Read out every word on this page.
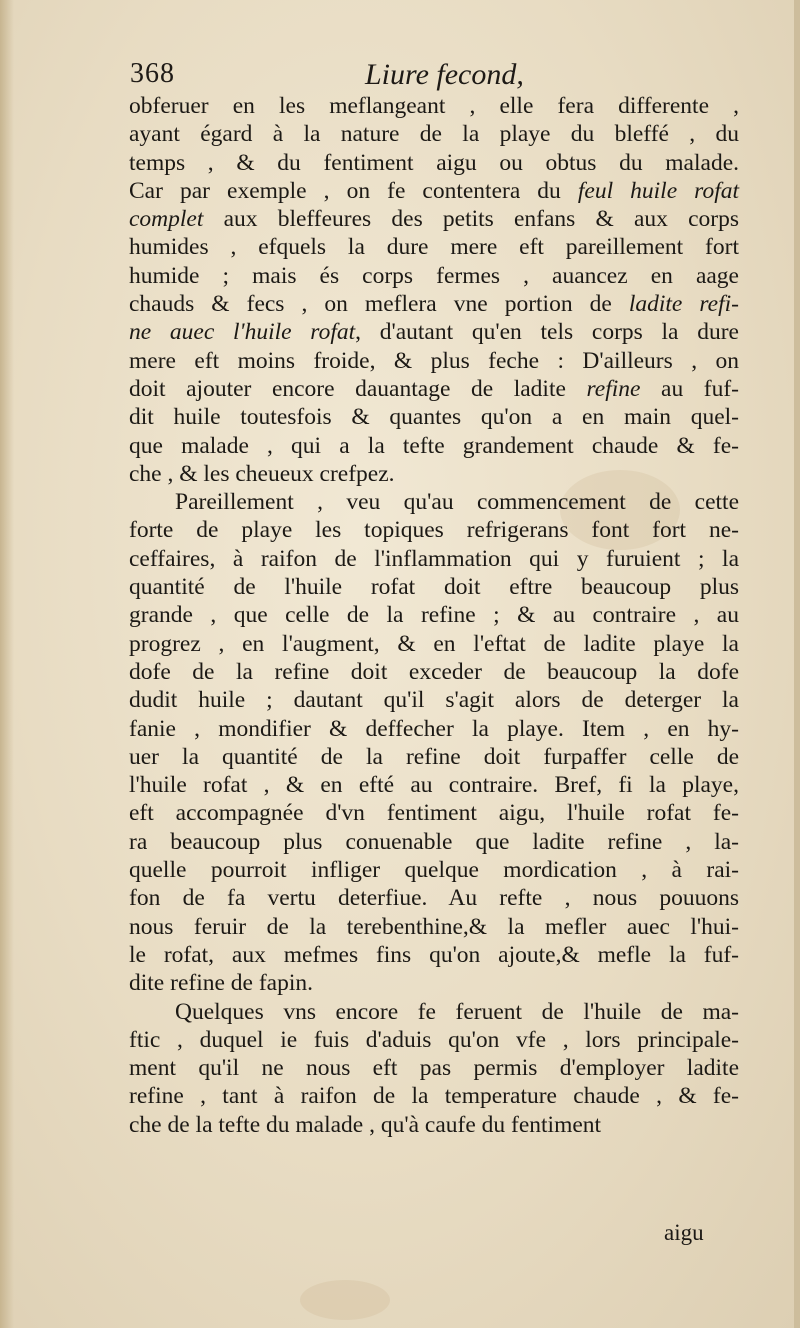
368	Liure fecond,
obferuer en les meflangeant , elle fera differente ,
ayant égard à la nature de la playe du bleffé , du
temps , & du fentiment aigu ou obtus du malade.
Car par exemple , on fe contentera du feul huile rofat
complet aux bleffeures des petits enfans & aux corps
humides , efquels la dure mere eft pareillement fort
humide ; mais és corps fermes , auancez en aage
chauds & fecs , on meflera vne portion de ladite refi-
ne auec l'huile rofat, d'autant qu'en tels corps la dure
mere eft moins froide, & plus feche : D'ailleurs , on
doit ajouter encore dauantage de ladite refine au fuf-
dit huile toutesfois & quantes qu'on a en main quel-
que malade , qui a la tefte grandement chaude & fe-
che , & les cheueux crefpez.
Pareillement , veu qu'au commencement de cette
forte de playe les topiques refrigerans font fort ne-
ceffaires, à raifon de l'inflammation qui y furuient ; la
quantité de l'huile rofat doit eftre beaucoup plus
grande , que celle de la refine ; & au contraire , au
progrez , en l'augment, & en l'eftat de ladite playe la
dofe de la refine doit exceder de beaucoup la dofe
dudit huile ; dautant qu'il s'agit alors de deterger la
fanie , mondifier & deffecher la playe. Item , en hy-
uer la quantité de la refine doit furpaffer celle de
l'huile rofat , & en efté au contraire. Bref, fi la playe,
eft accompagnée d'vn fentiment aigu, l'huile rofat fe-
ra beaucoup plus conuenable que ladite refine , la-
quelle pourroit infliger quelque mordication , à rai-
fon de fa vertu deterfiue. Au refte , nous pouuons
nous feruir de la terebenthine,& la mefler auec l'hui-
le rofat, aux mefmes fins qu'on ajoute,& mefle la fuf-
dite refine de fapin.
Quelques vns encore fe feruent de l'huile de ma-
ftic , duquel ie fuis d'aduis qu'on vfe , lors principale-
ment qu'il ne nous eft pas permis d'employer ladite
refine , tant à raifon de la temperature chaude , & fe-
che de la tefte du malade , qu'à caufe du fentiment
aigu
